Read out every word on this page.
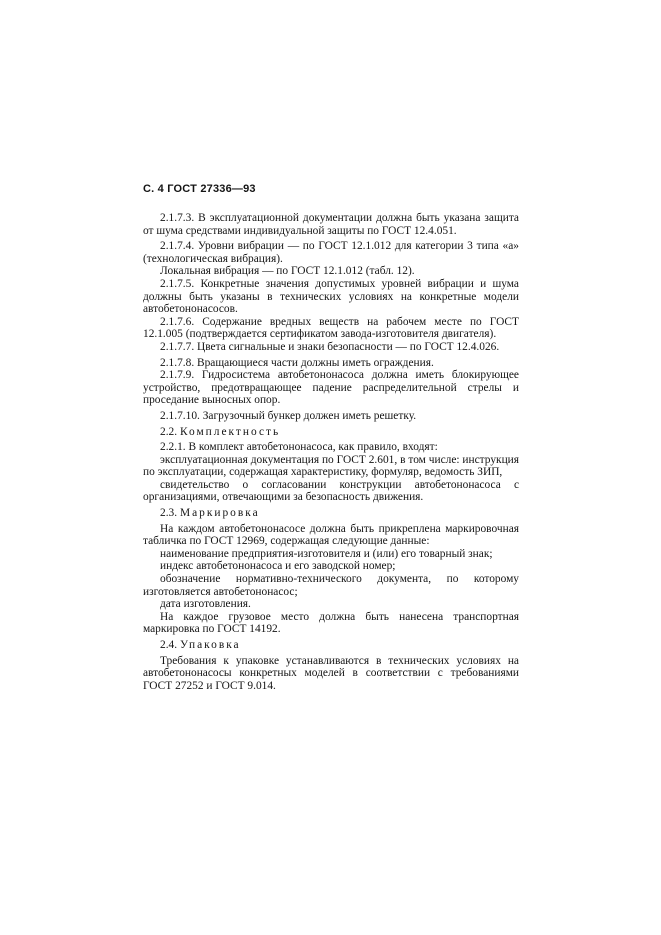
С. 4 ГОСТ 27336—93

2.1.7.3. В эксплуатационной документации должна быть указана защита от шума средствами индивидуальной защиты по ГОСТ 12.4.051.

2.1.7.4. Уровни вибрации — по ГОСТ 12.1.012 для категории 3 типа «а» (технологическая вибрация).

Локальная вибрация — по ГОСТ 12.1.012 (табл. 12).

2.1.7.5. Конкретные значения допустимых уровней вибрации и шума должны быть указаны в технических условиях на конкретные модели автобетононасосов.

2.1.7.6. Содержание вредных веществ на рабочем месте по ГОСТ 12.1.005 (подтверждается сертификатом завода-изготовителя двигателя).

2.1.7.7. Цвета сигнальные и знаки безопасности — по ГОСТ 12.4.026.

2.1.7.8. Вращающиеся части должны иметь ограждения.

2.1.7.9. Гидросистема автобетононасоса должна иметь блокирующее устройство, предотвращающее падение распределительной стрелы и проседание выносных опор.

2.1.7.10. Загрузочный бункер должен иметь решетку.

2.2. Комплектность

2.2.1. В комплект автобетононасоса, как правило, входят:

эксплуатационная документация по ГОСТ 2.601, в том числе: инструкция по эксплуатации, содержащая характеристику, формуляр, ведомость ЗИП,

свидетельство о согласовании конструкции автобетононасоса с организациями, отвечающими за безопасность движения.

2.3. Маркировка

На каждом автобетононасосе должна быть прикреплена маркировочная табличка по ГОСТ 12969, содержащая следующие данные:

наименование предприятия-изготовителя и (или) его товарный знак;

индекс автобетононасоса и его заводской номер;

обозначение нормативно-технического документа, по которому изготовляется автобетононасос;

дата изготовления.

На каждое грузовое место должна быть нанесена транспортная маркировка по ГОСТ 14192.

2.4. Упаковка

Требования к упаковке устанавливаются в технических условиях на автобетононасосы конкретных моделей в соответствии с требованиями ГОСТ 27252 и ГОСТ 9.014.
